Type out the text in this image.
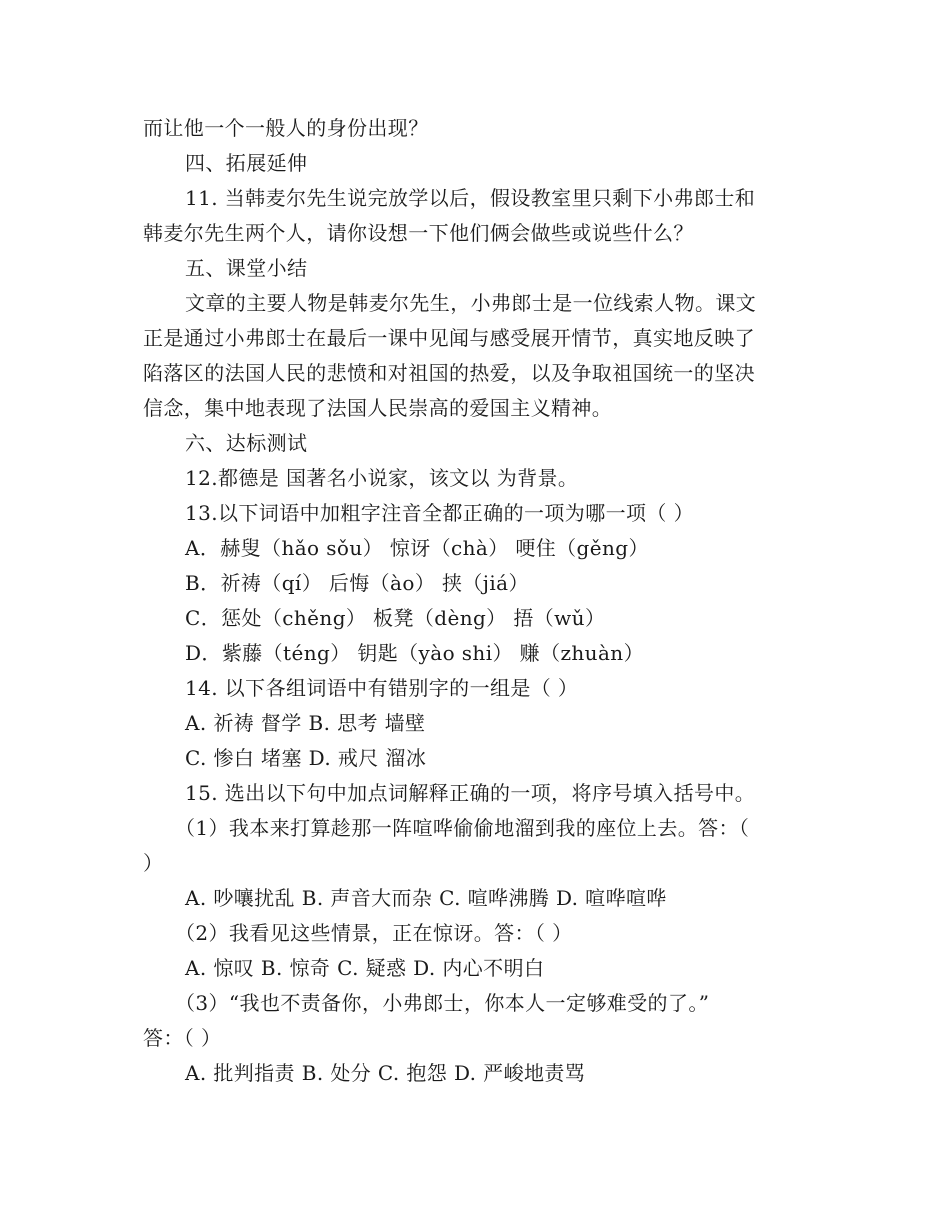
而让他一个一般人的身份出现？
四、拓展延伸
11. 当韩麦尔先生说完放学以后，假设教室里只剩下小弗郎士和
韩麦尔先生两个人，请你设想一下他们俩会做些或说些什么？
五、课堂小结
文章的主要人物是韩麦尔先生，小弗郎士是一位线索人物。课文
正是通过小弗郎士在最后一课中见闻与感受展开情节，真实地反映了
陷落区的法国人民的悲愤和对祖国的热爱，以及争取祖国统一的坚决
信念，集中地表现了法国人民崇高的爱国主义精神。
六、达标测试
12.都德是 国著名小说家，该文以 为背景。
13.以下词语中加粗字注音全都正确的一项为哪一项（ ）
A．赫叟（hǎo sǒu） 惊讶（chà） 哽住（gěng）
B．祈祷（qí） 后悔（ào） 挟（jiá）
C．惩处（chěng） 板凳（dèng） 捂（wǔ）
D．紫藤（téng） 钥匙（yào shi） 赚（zhuàn）
14. 以下各组词语中有错别字的一组是（ ）
A. 祈祷 督学 B. 思考 墙壁
C. 惨白 堵塞 D. 戒尺 溜冰
15. 选出以下句中加点词解释正确的一项，将序号填入括号中。
（1）我本来打算趁那一阵喧哗偷偷地溜到我的座位上去。答：（
）
A. 吵嚷扰乱 B. 声音大而杂 C. 喧哗沸腾 D. 喧哗喧哗
（2）我看见这些情景，正在惊讶。答：（ ）
A. 惊叹 B. 惊奇 C. 疑惑 D. 内心不明白
（3）“我也不责备你，小弗郎士，你本人一定够难受的了。”
答：（ ）
A. 批判指责 B. 处分 C. 抱怨 D. 严峻地责骂
